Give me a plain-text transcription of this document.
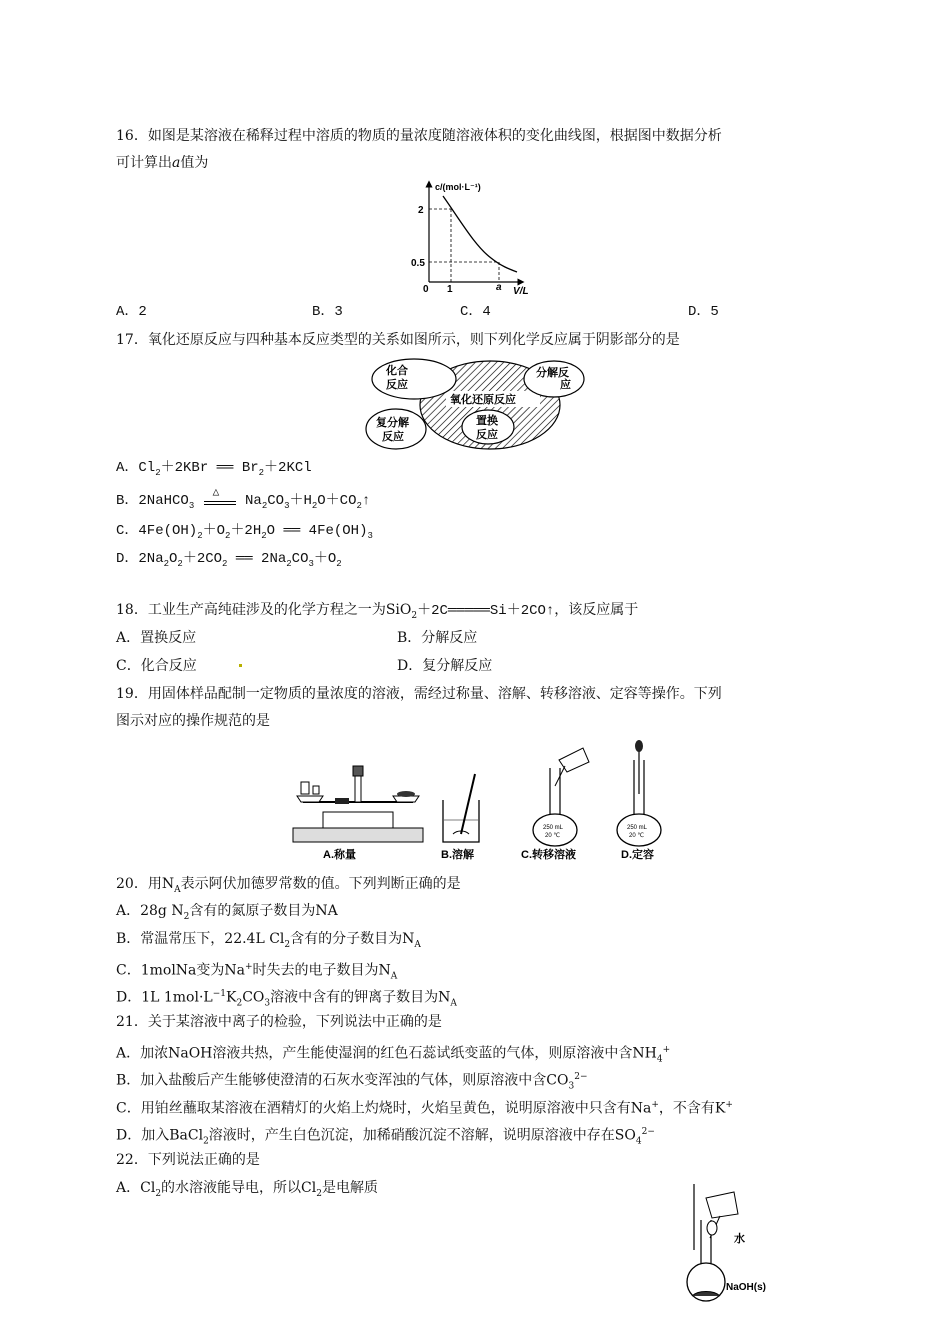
16．如图是某溶液在稀释过程中溶质的物质的量浓度随溶液体积的变化曲线图，根据图中数据分析
可计算出a值为
c/(mol·L⁻¹)
2
0.5
0 1	a V/L
A．2	B．3	C．4	D．5
17．氧化还原反应与四种基本反应类型的关系如图所示，则下列化学反应属于阴影部分的是
化合
反应
分解反
应
氧化还原反应
复分解
反应
置换
反应
A．$Cl_2+2KBr$ ══ $Br_2+2KCl$
B．2NaHCO$_3$
△ $Na_2CO_3+H_2O+CO_2↑$
C．$4Fe(OH)_2+O_2+2H_2O$ ══ $4Fe(OH)_3$
D．$2Na_2O_2+2CO_2$ ══ $2Na_2CO_3+O_2$
18．工业生产高纯硅涉及的化学方程之一为SiO$_2$＋2C═════Si＋2CO↑，该反应属于
A．置换反应	B．分解反应
C．化合反应	D．复分解反应
19．用固体样品配制一定物质的量浓度的溶液，需经过称量、溶解、转移溶液、定容等操作。下列
图示对应的操作规范的是
A.称量	B.溶解
250 mL
20 ℃
C.转移溶液
250 mL
20 ℃
D.定容
20．用$N_A$表示阿伏加德罗常数的值。下列判断正确的是
A．28g $N_2$含有的氮原子数目为NA
B．常温常压下，22.4L $Cl_2$含有的分子数目为$N_A$
C．1molNa变为Na+时失去的电子数目为$N_A$
D．1L $1mol\cdot L^{-1}K_2CO_3$溶液中含有的钾离子数目为$N_A$
21．关于某溶液中离子的检验，下列说法中正确的是
A．加浓NaOH溶液共热，产生能使湿润的红色石蕊试纸变蓝的气体，则原溶液中含$NH_4^+$
B．加入盐酸后产生能够使澄清的石灰水变浑浊的气体，则原溶液中含$CO_3^{2-}$
C．用铂丝蘸取某溶液在酒精灯的火焰上灼烧时，火焰呈黄色，说明原溶液中只含有Na+，不含有K+
D．加入BaCl$_2$溶液时，产生白色沉淀，加稀硝酸沉淀不溶解，说明原溶液中存在$SO_4^{2-}$
22．下列说法正确的是
A．$Cl_2$的水溶液能导电，所以$Cl_2$是电解质
水
NaOH(s)
